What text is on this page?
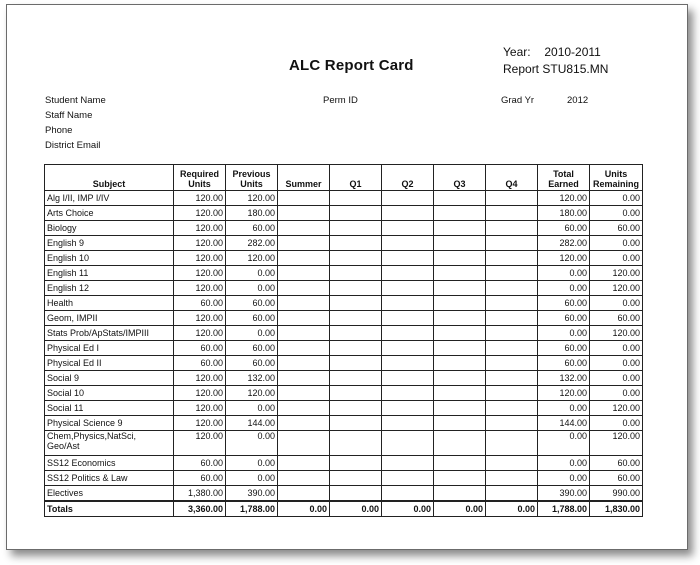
ALC Report Card
Year: 2010-2011
Report STU815.MN
Student Name
Staff Name
Phone
District Email
Perm ID	Grad Yr	2012
Subject	Required Units	Previous Units	Summer	Q1	Q2	Q3	Q4	Total Earned	Units Remaining
Alg I/II, IMP I/IV	120.00	120.00						120.00	0.00
Arts Choice	120.00	180.00						180.00	0.00
Biology	120.00	60.00						60.00	60.00
English 9	120.00	282.00						282.00	0.00
English 10	120.00	120.00						120.00	0.00
English 11	120.00	0.00						0.00	120.00
English 12	120.00	0.00						0.00	120.00
Health	60.00	60.00						60.00	0.00
Geom, IMPII	120.00	60.00						60.00	60.00
Stats Prob/ApStats/IMPIII	120.00	0.00						0.00	120.00
Physical Ed I	60.00	60.00						60.00	0.00
Physical Ed II	60.00	60.00						60.00	0.00
Social 9	120.00	132.00						132.00	0.00
Social 10	120.00	120.00						120.00	0.00
Social 11	120.00	0.00						0.00	120.00
Physical Science 9	120.00	144.00						144.00	0.00
Chem,Physics,NatSci, Geo/Ast	120.00	0.00						0.00	120.00
SS12 Economics	60.00	0.00						0.00	60.00
SS12 Politics & Law	60.00	0.00						0.00	60.00
Electives	1,380.00	390.00						390.00	990.00
Totals	3,360.00	1,788.00	0.00	0.00	0.00	0.00	0.00	1,788.00	1,830.00
